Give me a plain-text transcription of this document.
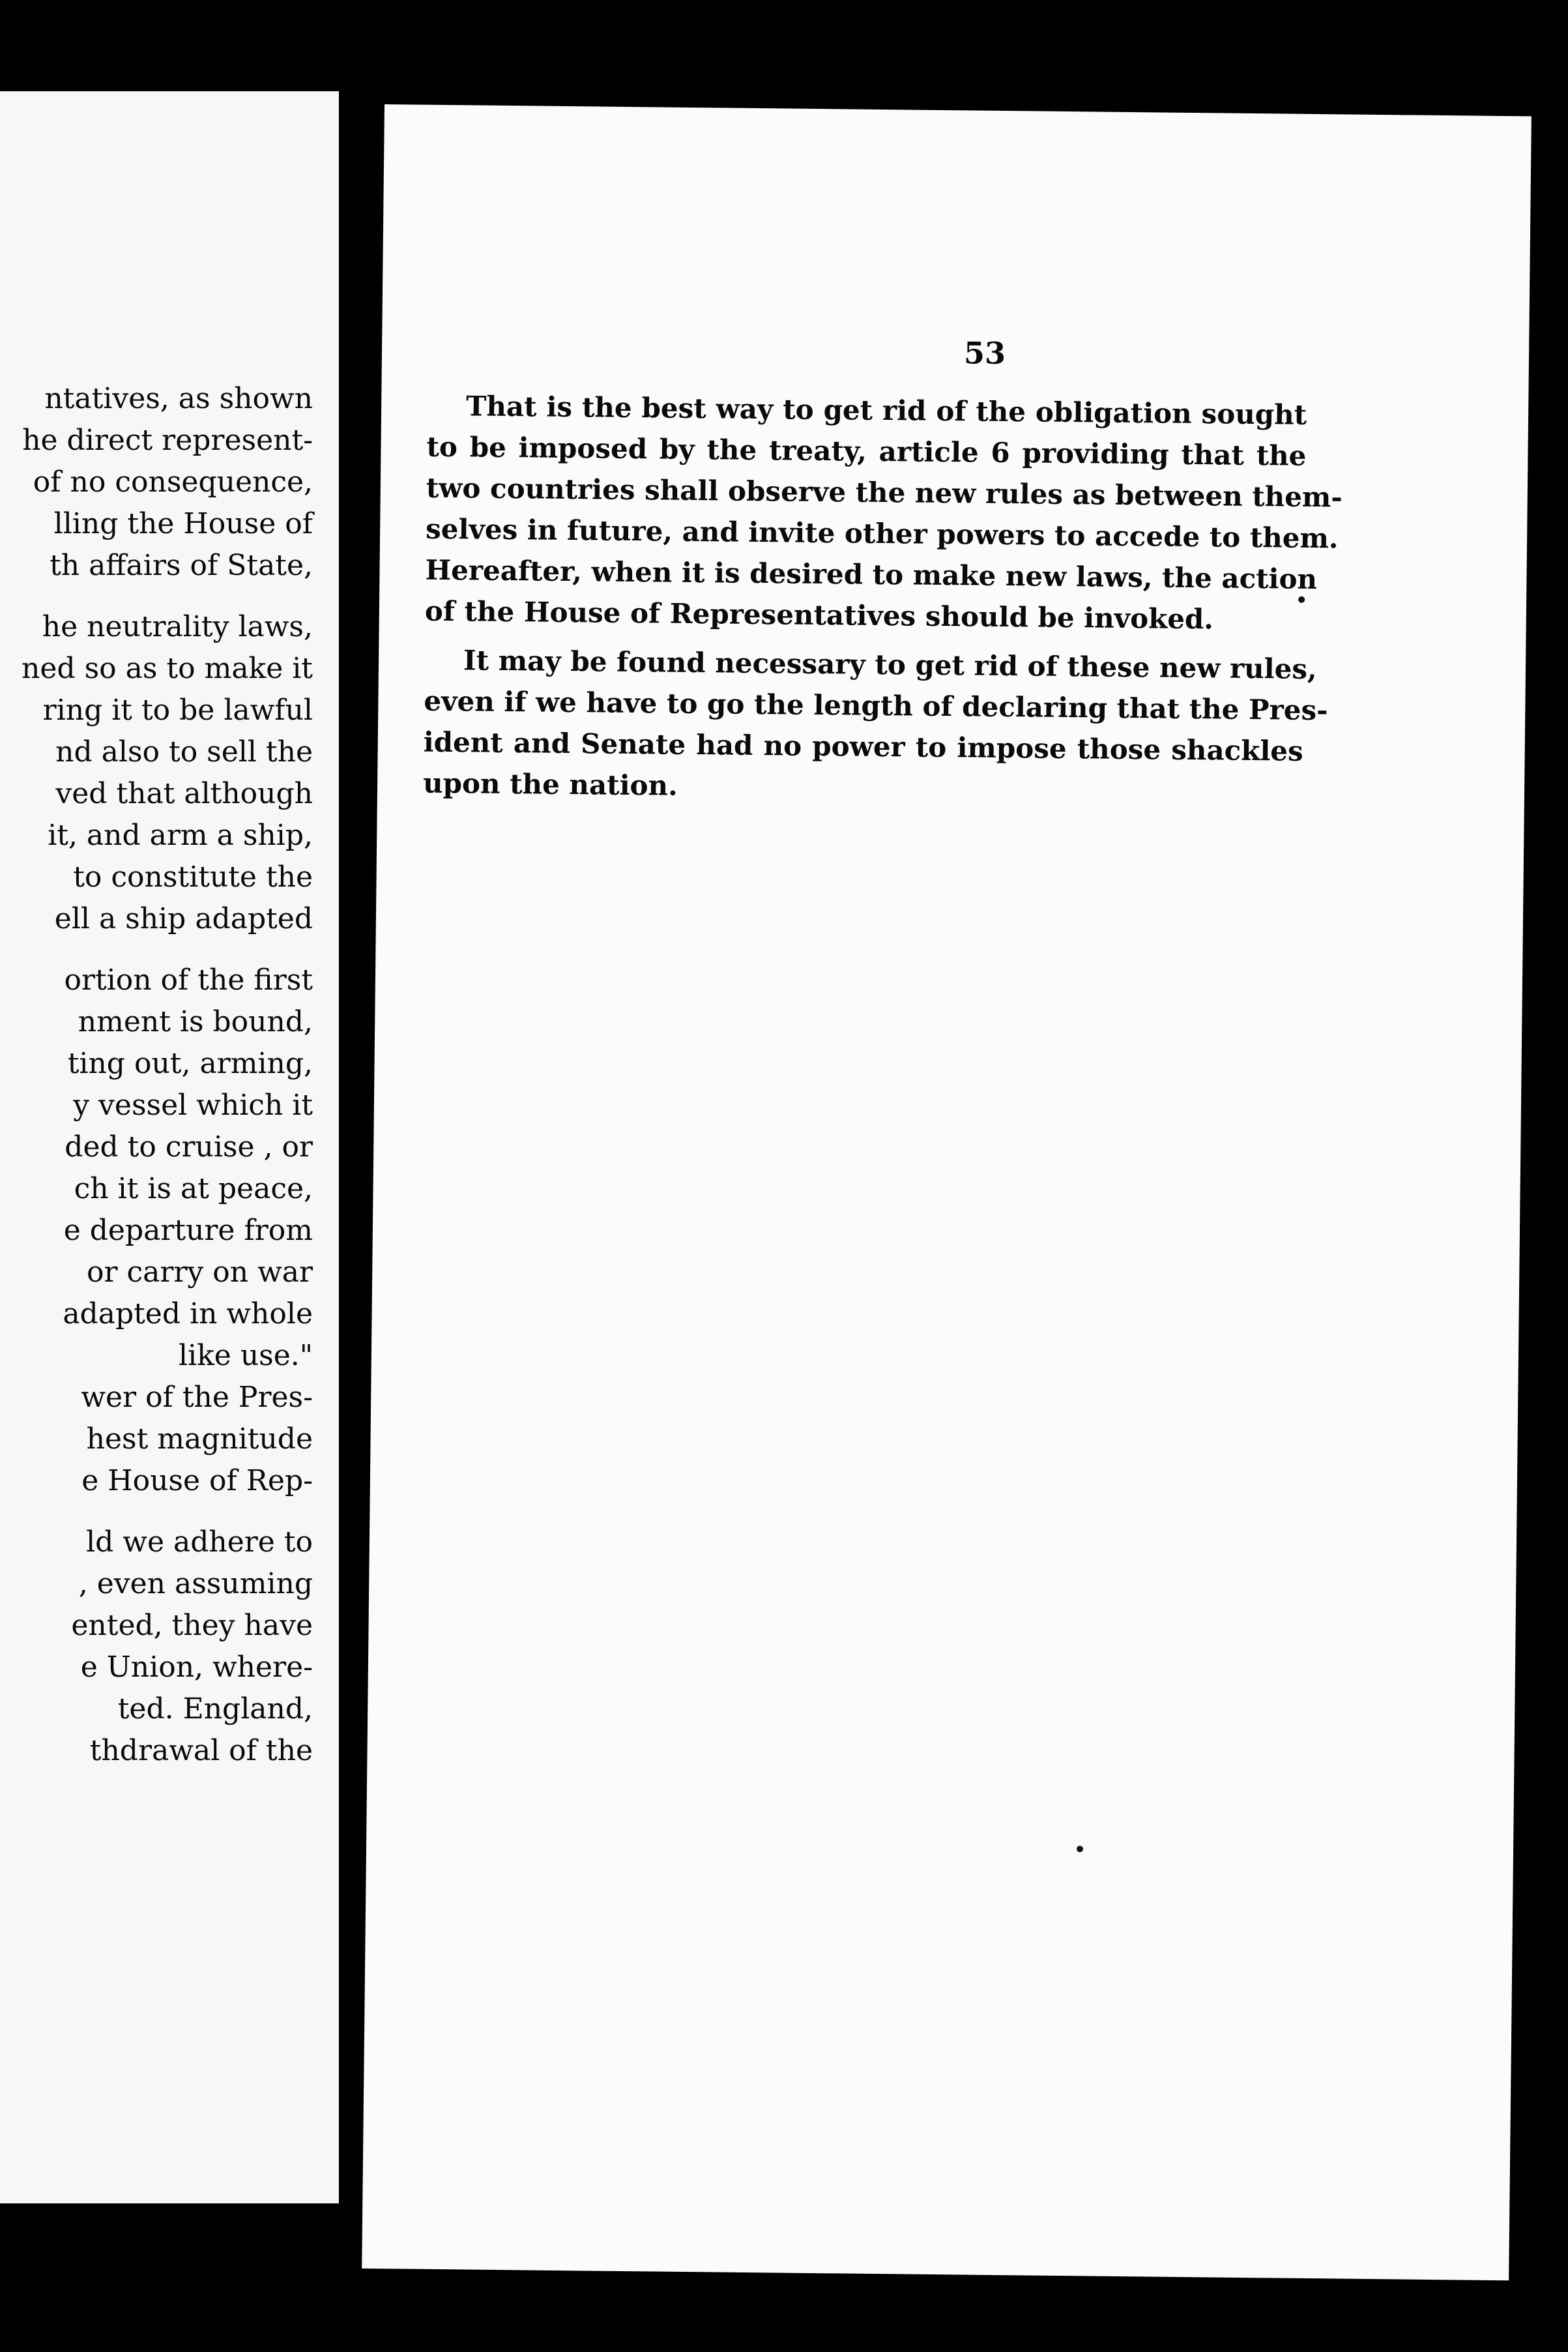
ntatives, as shown
he direct represent-
of no consequence,
lling the House of
th affairs of State,
he neutrality laws,
ned so as to make it
ring it to be lawful
nd also to sell the
ved that although
it, and arm a ship,
to constitute the
ell a ship adapted
ortion of the first
nment is bound,
ting out, arming,
y vessel which it
ded to cruise , or
ch it is at peace,
e departure from
or carry on war
adapted in whole
like use."
wer of the Pres-
hest magnitude
e House of Rep-
ld we adhere to
, even assuming
ented, they have
e Union, where-
ted. England,
thdrawal of the
53

That is the best way to get rid of the obligation sought
to be imposed by the treaty, article 6 providing that the
two countries shall observe the new rules as between them-
selves in future, and invite other powers to accede to them.
Hereafter, when it is desired to make new laws, the action
of the House of Representatives should be invoked.

It may be found necessary to get rid of these new rules,
even if we have to go the length of declaring that the Pres-
ident and Senate had no power to impose those shackles
upon the nation.
